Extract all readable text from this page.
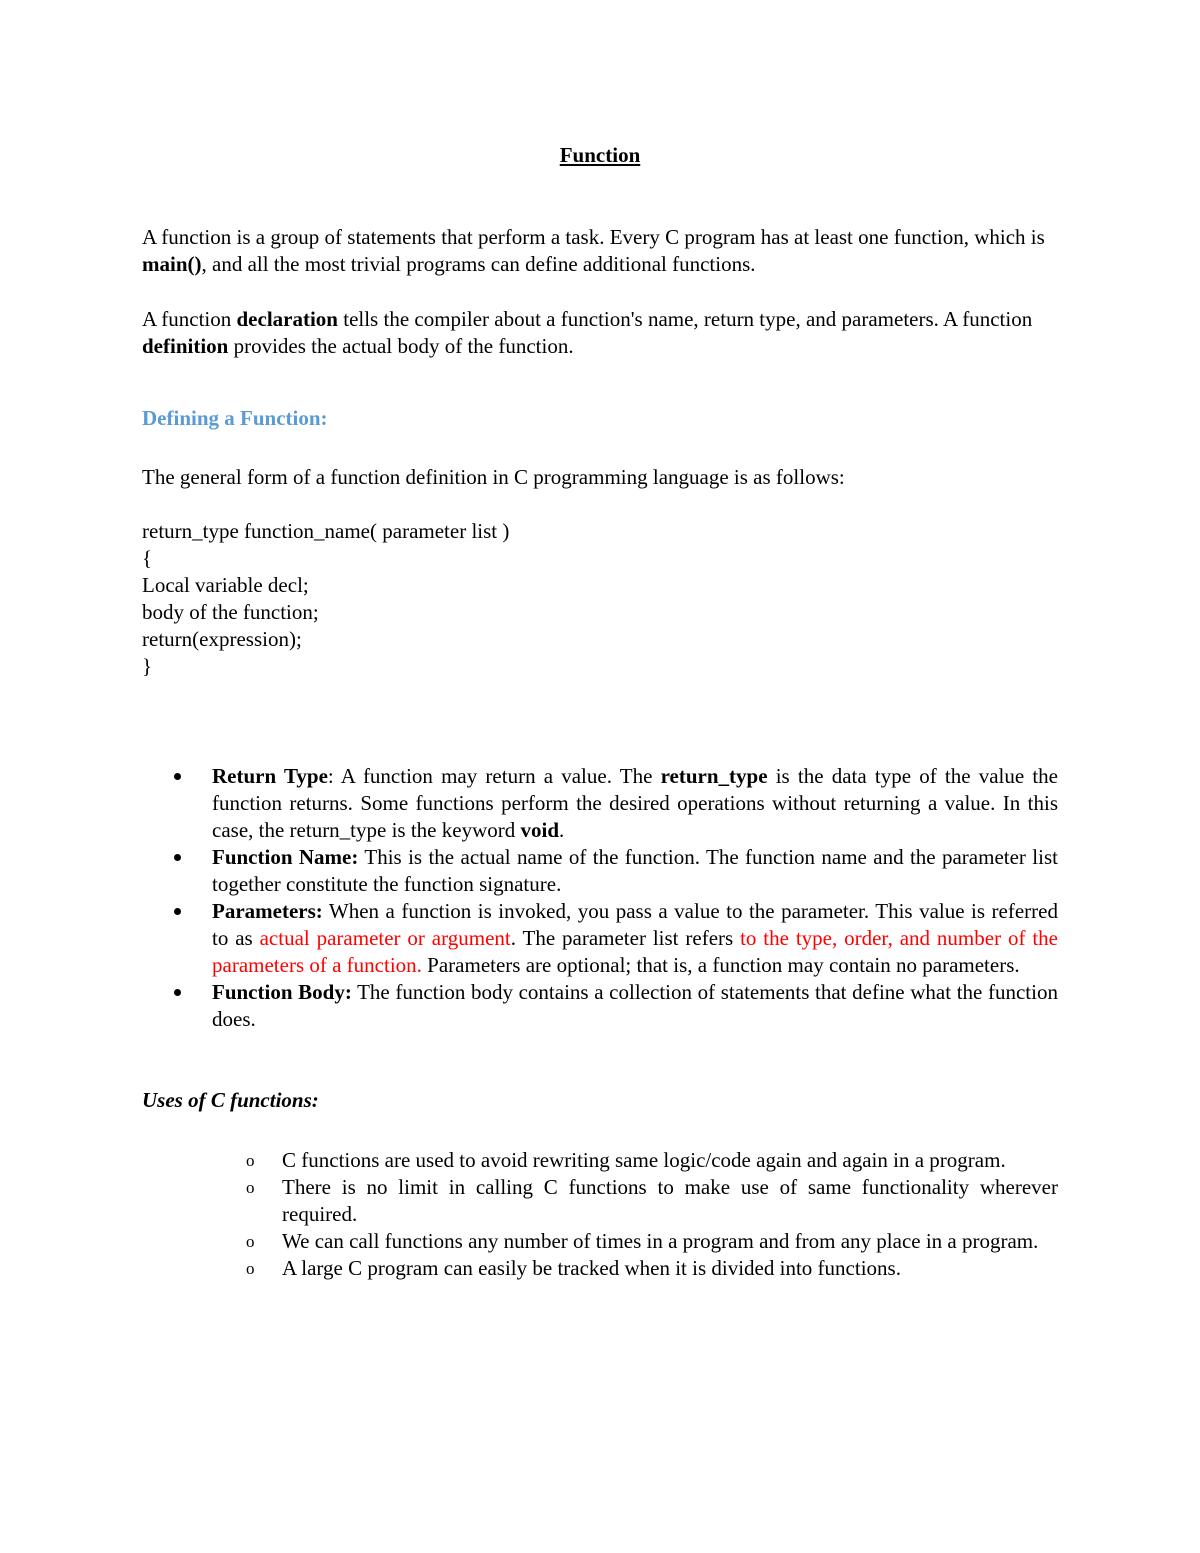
Function

A function is a group of statements that perform a task. Every C program has at least one function, which is main(), and all the most trivial programs can define additional functions.

A function declaration tells the compiler about a function's name, return type, and parameters. A function definition provides the actual body of the function.

Defining a Function:

The general form of a function definition in C programming language is as follows:

return_type function_name( parameter list )
{
Local variable decl;
body of the function;
return(expression);
}
Return Type: A function may return a value. The return_type is the data type of the value the function returns. Some functions perform the desired operations without returning a value. In this case, the return_type is the keyword void.
Function Name: This is the actual name of the function. The function name and the parameter list together constitute the function signature.
Parameters: When a function is invoked, you pass a value to the parameter. This value is referred to as actual parameter or argument. The parameter list refers to the type, order, and number of the parameters of a function. Parameters are optional; that is, a function may contain no parameters.
Function Body: The function body contains a collection of statements that define what the function does.

Uses of C functions:

o C functions are used to avoid rewriting same logic/code again and again in a program.
o There is no limit in calling C functions to make use of same functionality wherever required.
o We can call functions any number of times in a program and from any place in a program.
o A large C program can easily be tracked when it is divided into functions.
